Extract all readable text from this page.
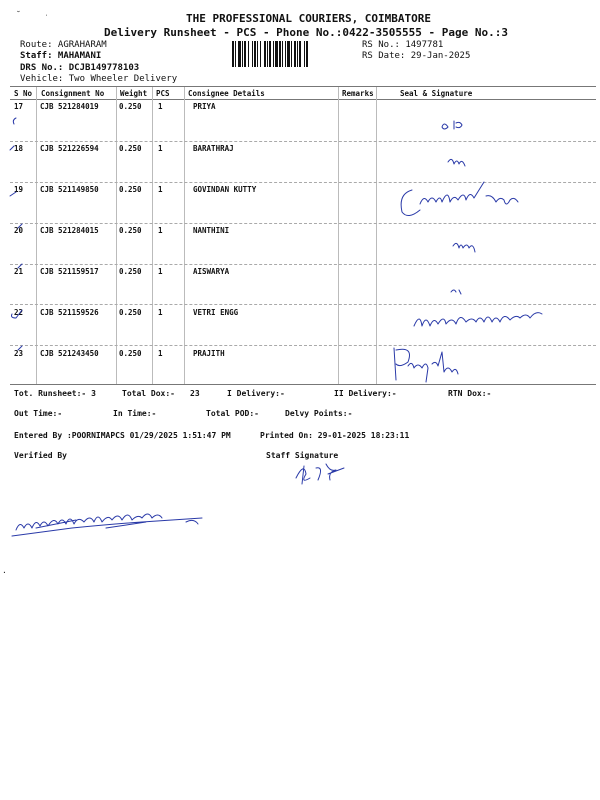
THE PROFESSIONAL COURIERS, COIMBATORE
Delivery Runsheet - PCS - Phone No.:0422-3505555 - Page No.:3
Route: AGRAHARAM
Staff: MAHAMANI
DRS No.: DCJB149778103
Vehicle: Two Wheeler Delivery
RS No.: 1497781
RS Date: 29-Jan-2025
˘	˙
S No Consignment No Weight PCS Consignee Details	Remarks	Seal & Signature
17 CJB 521284019	0.250 1	PRIYA
18 CJB 521226594	0.250 1	BARATHRAJ
19 CJB 521149850	0.250 1	GOVINDAN KUTTY
20 CJB 521284015	0.250 1	NANTHINI
21 CJB 521159517	0.250 1	AISWARYA
22 CJB 521159526	0.250 1	VETRI ENGG
23 CJB 521243450	0.250 1	PRAJITH
Tot. Runsheet:- 3	Total Dox:- 23	I Delivery:-	II Delivery:-	RTN Dox:-
Out Time:-	In Time:-	Total POD:-	Delvy Points:-
Entered By :POORNIMAPCS 01/29/2025 1:51:47 PM	Printed On: 29-01-2025 18:23:11
Verified By	Staff Signature
·
